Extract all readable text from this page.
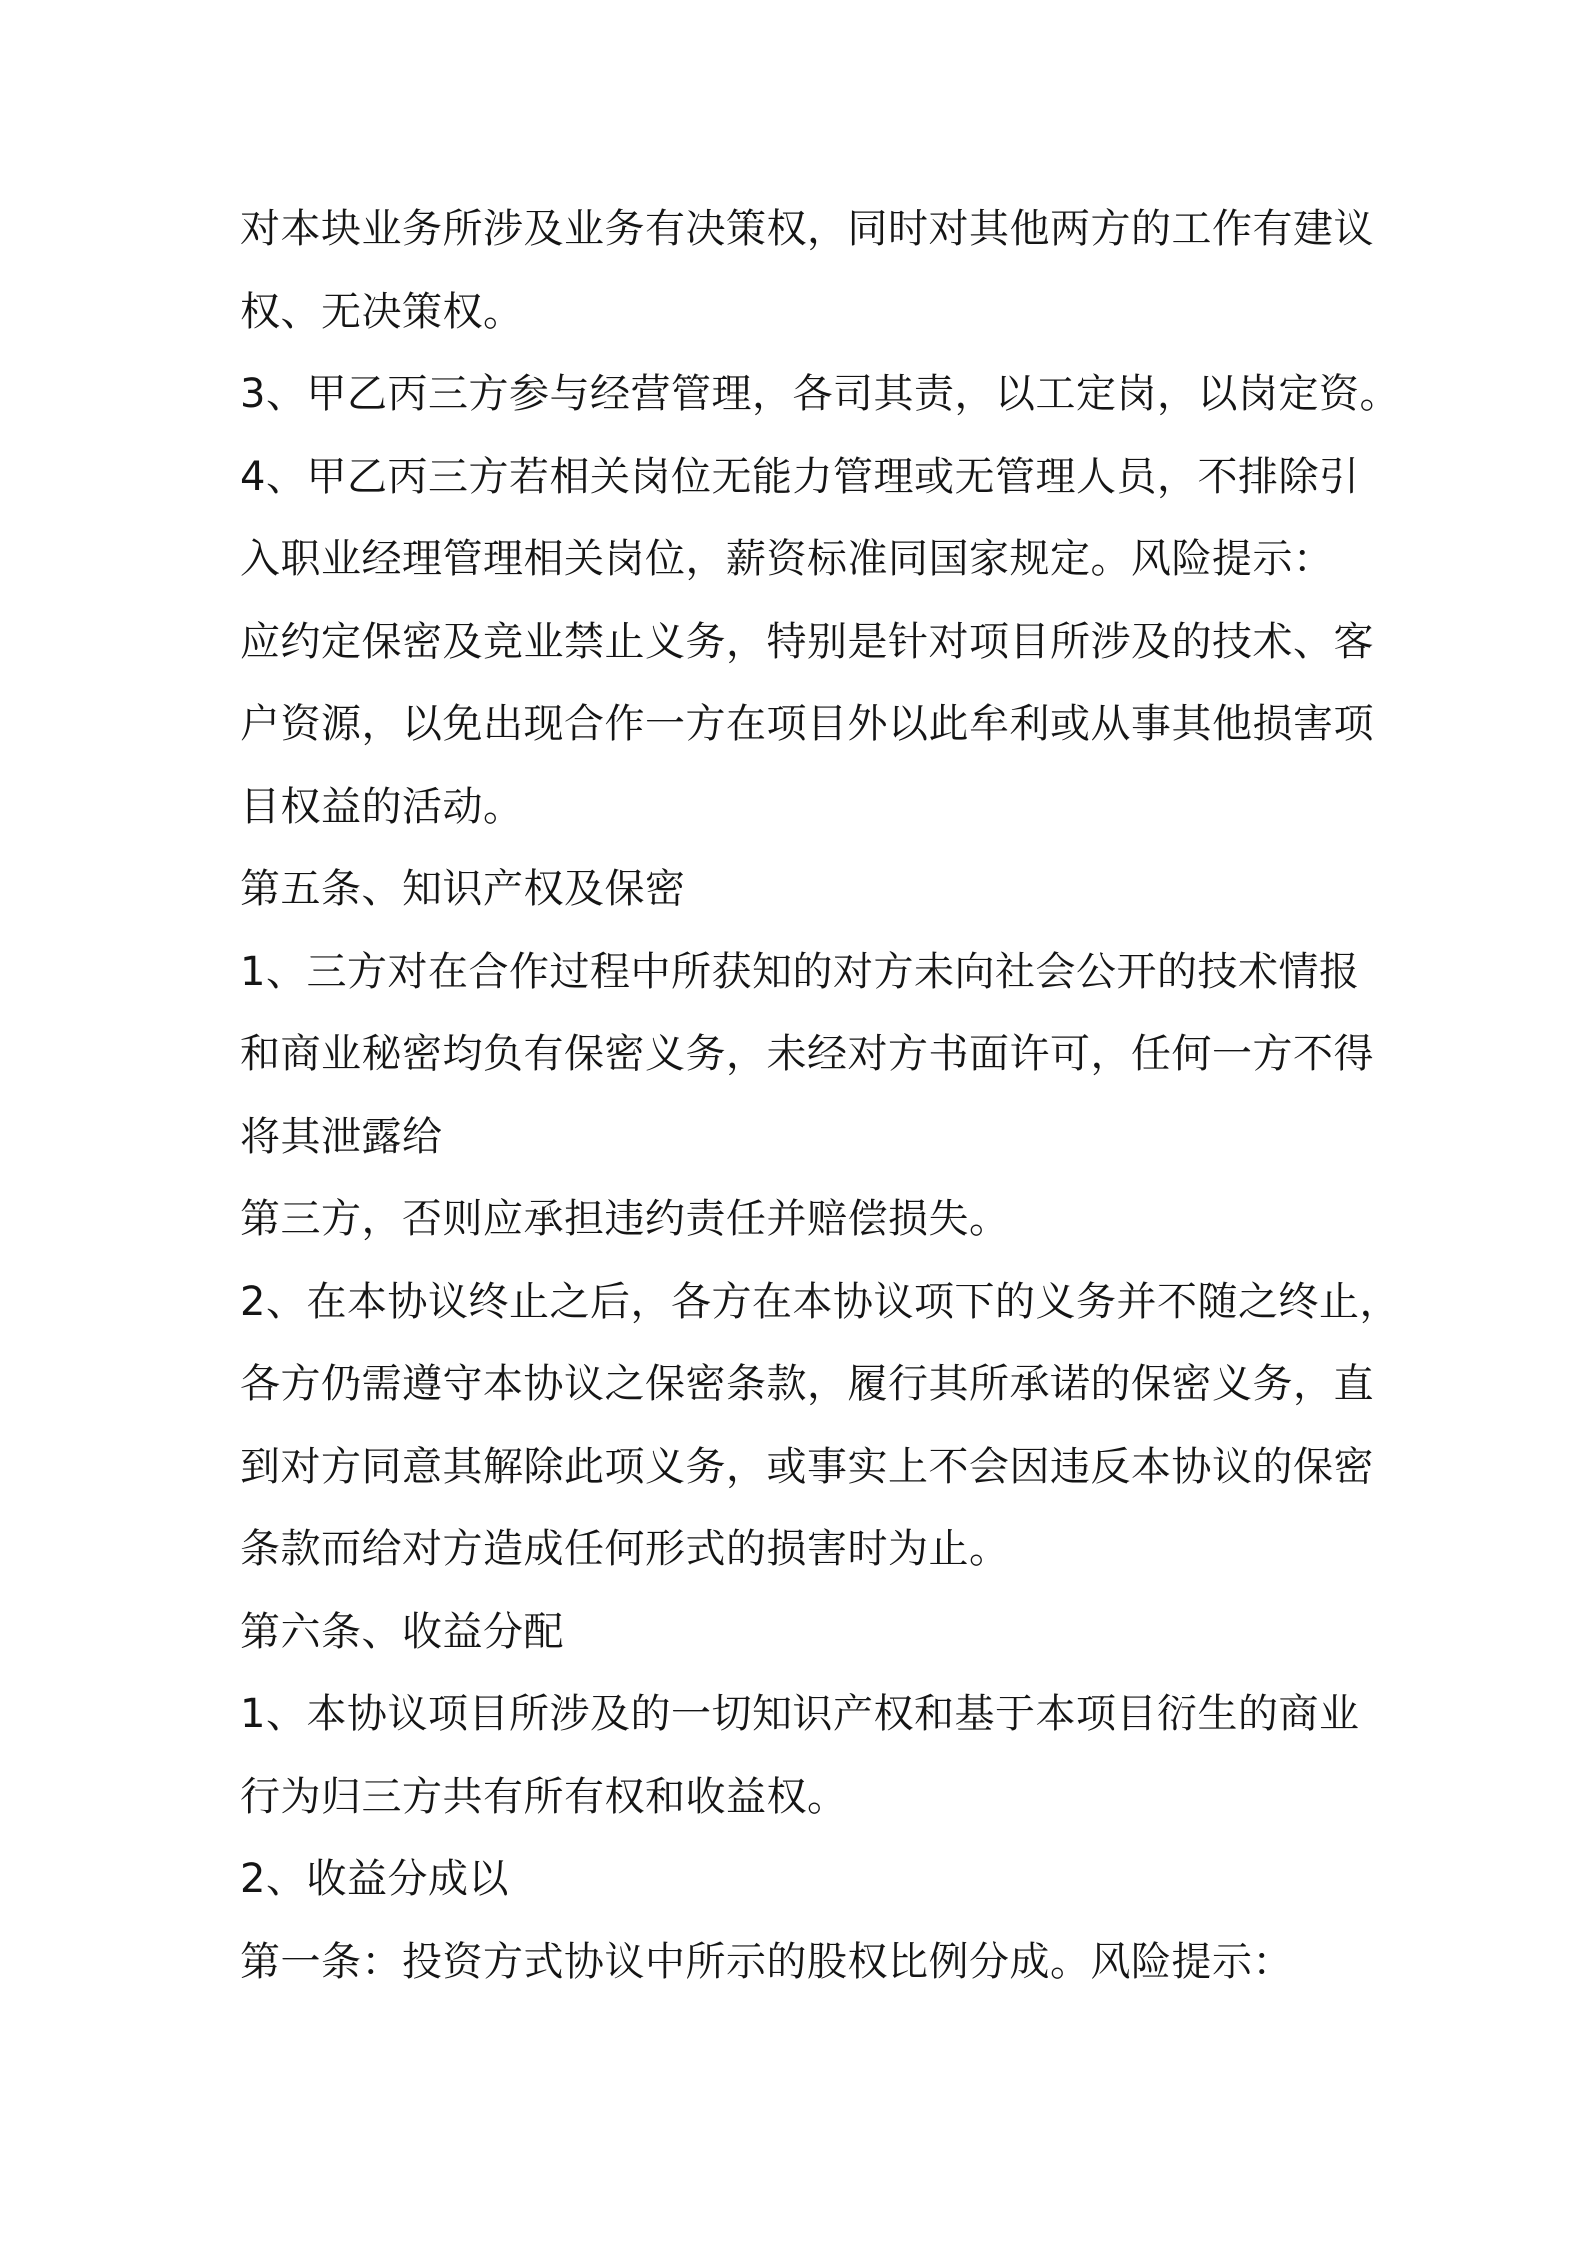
对本块业务所涉及业务有决策权，同时对其他两方的工作有建议
权、无决策权。
3、甲乙丙三方参与经营管理，各司其责，以工定岗，以岗定资。
4、甲乙丙三方若相关岗位无能力管理或无管理人员，不排除引
入职业经理管理相关岗位，薪资标准同国家规定。风险提示：
应约定保密及竞业禁止义务，特别是针对项目所涉及的技术、客
户资源，以免出现合作一方在项目外以此牟利或从事其他损害项
目权益的活动。
第五条、知识产权及保密
1、三方对在合作过程中所获知的对方未向社会公开的技术情报
和商业秘密均负有保密义务，未经对方书面许可，任何一方不得
将其泄露给
第三方，否则应承担违约责任并赔偿损失。
2、在本协议终止之后，各方在本协议项下的义务并不随之终止，
各方仍需遵守本协议之保密条款，履行其所承诺的保密义务，直
到对方同意其解除此项义务，或事实上不会因违反本协议的保密
条款而给对方造成任何形式的损害时为止。
第六条、收益分配
1、本协议项目所涉及的一切知识产权和基于本项目衍生的商业
行为归三方共有所有权和收益权。
2、收益分成以
第一条：投资方式协议中所示的股权比例分成。风险提示：
